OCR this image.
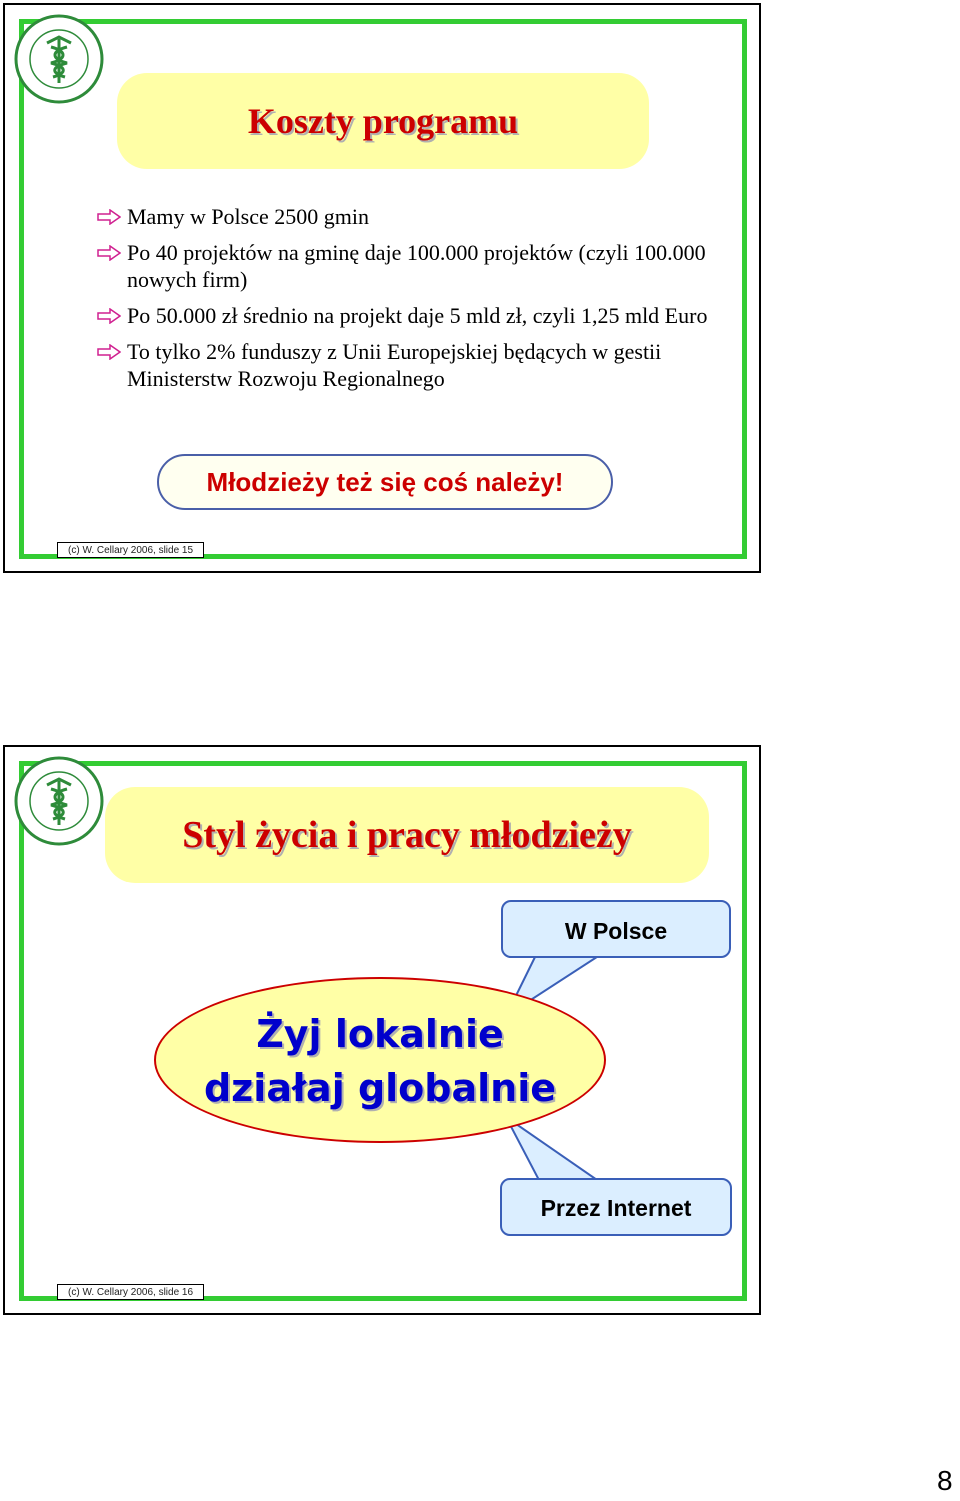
Koszty programu
Mamy w Polsce 2500 gmin
Po 40 projektów na gminę daje 100.000 projektów (czyli 100.000 nowych firm)
Po 50.000 zł średnio na projekt daje 5 mld zł, czyli 1,25 mld Euro
To tylko 2% funduszy z Unii Europejskiej będących w gestii Ministerstw Rozwoju Regionalnego
Młodzieży też się coś należy!
(c) W. Cellary 2006, slide 15
Styl życia i pracy młodzieży
(c) W. Cellary 2006, slide 16
Żyj lokalnie
działaj globalnie
W Polsce
Przez Internet
8
